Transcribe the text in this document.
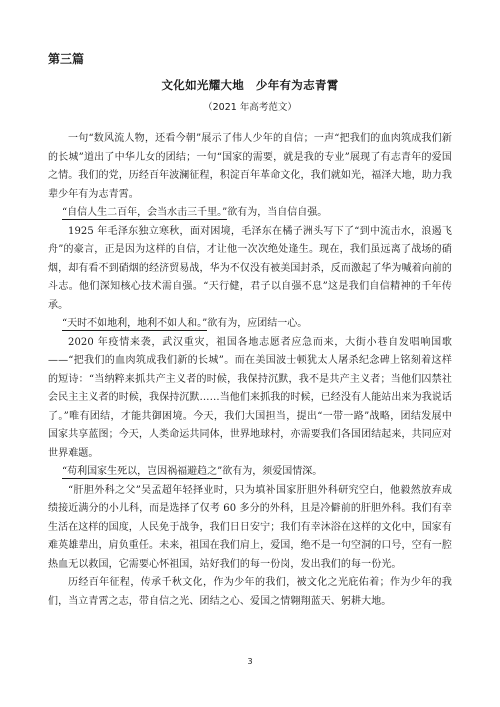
第三篇
文化如光耀大地　少年有为志青霄
（2021 年高考范文）

一句“数风流人物，还看今朝”展示了伟人少年的自信；一声“把我们的血肉筑成我们新的长城”道出了中华儿女的团结；一句“国家的需要，就是我的专业”展现了有志青年的爱国之情。我们的党，历经百年波澜征程，积淀百年革命文化，我们就如光，福泽大地，助力我辈少年有为志青霄。

“自信人生二百年，会当水击三千里。”欲有为，当自信自强。

1925 年毛泽东独立寒秋，面对困境，毛泽东在橘子洲头写下了“到中流击水，浪遏飞舟”的豪言，正是因为这样的自信，才让他一次次绝处逢生。现在，我们虽远离了战场的硝烟，却有看不到硝烟的经济贸易战，华为不仅没有被美国封杀，反而激起了华为喊着向前的斗志。他们深知核心技术需自强。“天行健，君子以自强不息”这是我们自信精神的千年传承。

“天时不如地利，地利不如人和。”欲有为，应团结一心。

2020 年疫情来袭，武汉重灾，祖国各地志愿者应急而来，大街小巷自发唱响国歌——“把我们的血肉筑成我们新的长城”。而在美国波士顿犹太人屠杀纪念碑上铭刻着这样的短诗：“当纳粹来抓共产主义者的时候，我保持沉默，我不是共产主义者；当他们囚禁社会民主主义者的时候，我保持沉默……当他们来抓我的时候，已经没有人能站出来为我说话了。”唯有团结，才能共御困境。今天，我们大国担当，提出“一带一路”战略，团结发展中国家共享蓝图；今天，人类命运共同体，世界地球村，亦需要我们各国团结起来，共同应对世界难题。

“苟利国家生死以，岂因祸福避趋之”欲有为，须爱国情深。

“肝胆外科之父”吴孟超年轻择业时，只为填补国家肝胆外科研究空白，他毅然放弃成绩接近满分的小儿科，而是选择了仅考 60 多分的外科，且是冷僻前的肝胆外科。我们有幸生活在这样的国度，人民免于战争，我们日日安宁；我们有幸沐浴在这样的文化中，国家有难英雄辈出，肩负重任。未来，祖国在我们肩上，爱国，绝不是一句空洞的口号，空有一腔热血无以救国，它需要心怀祖国，站好我们的每一份岗，发出我们的每一份光。

历经百年征程，传承千秋文化，作为少年的我们，被文化之光庇佑着；作为少年的我们，当立青霄之志，带自信之光、团结之心、爱国之情翱翔蓝天、躬耕大地。

3
